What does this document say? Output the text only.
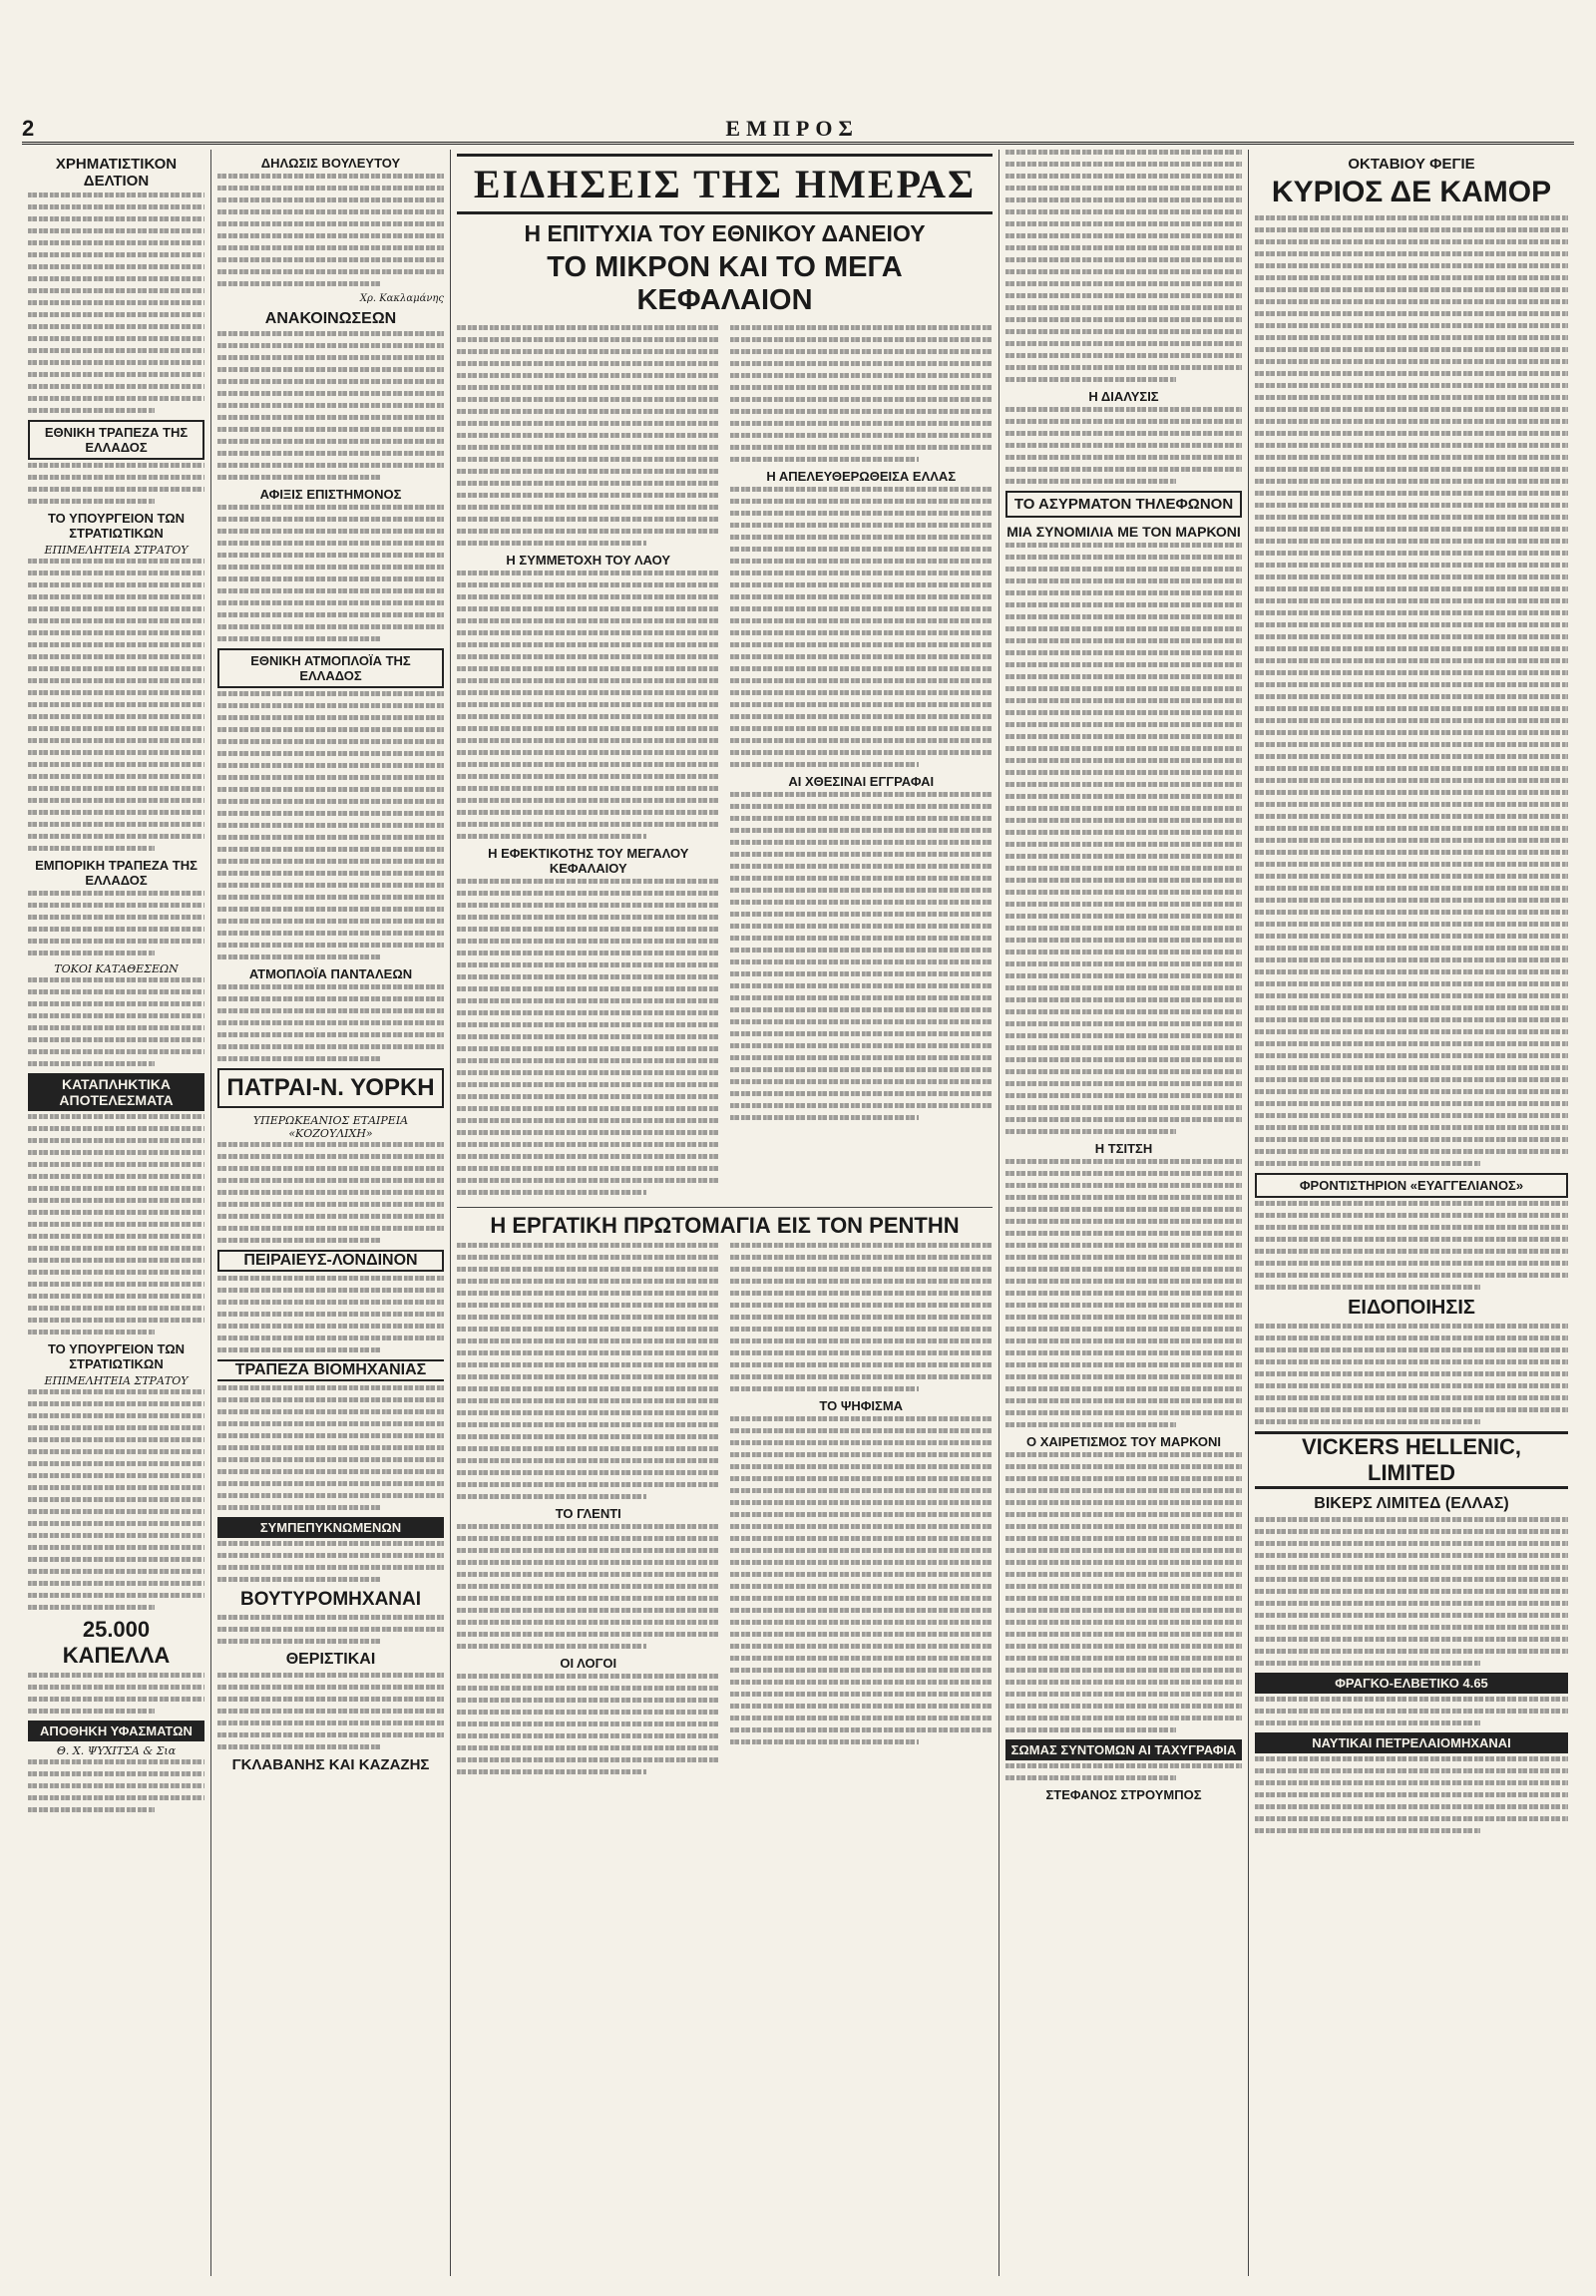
2	ΕΜΠΡΟΣ
ΧΡΗΜΑΤΙΣΤΙΚΟΝ ΔΕΛΤΙΟΝ
ΕΘΝΙΚΗ ΤΡΑΠΕΖΑ ΤΗΣ ΕΛΛΑΔΟΣ
ΤΟ ΥΠΟΥΡΓΕΙΟΝ ΤΩΝ ΣΤΡΑΤΙΩΤΙΚΩΝ
ΕΠΙΜΕΛΗΤΕΙΑ ΣΤΡΑΤΟΥ
ΕΜΠΟΡΙΚΗ ΤΡΑΠΕΖΑ ΤΗΣ ΕΛΛΑΔΟΣ
ΤΟΚΟΙ ΚΑΤΑΘΕΣΕΩΝ
ΚΑΤΑΠΛΗΚΤΙΚΑ ΑΠΟΤΕΛΕΣΜΑΤΑ
ΤΟ ΥΠΟΥΡΓΕΙΟΝ ΤΩΝ ΣΤΡΑΤΙΩΤΙΚΩΝ
ΕΠΙΜΕΛΗΤΕΙΑ ΣΤΡΑΤΟΥ
25.000 ΚΑΠΕΛΛΑ
ΑΠΟΘΗΚΗ ΥΦΑΣΜΑΤΩΝ
Θ. Χ. ΨΥΧΙΤΣΑ & Σια
ΔΗΛΩΣΙΣ ΒΟΥΛΕΥΤΟΥ
Χρ. Κακλαμάνης
ΑΝΑΚΟΙΝΩΣΕΩΝ
ΑΦΙΞΙΣ ΕΠΙΣΤΗΜΟΝΟΣ
ΕΘΝΙΚΗ ΑΤΜΟΠΛΟΪΑ ΤΗΣ ΕΛΛΑΔΟΣ
ΑΤΜΟΠΛΟΪΑ ΠΑΝΤΑΛΕΩΝ
ΠΑΤΡΑΙ-Ν. ΥΟΡΚΗ
ΥΠΕΡΩΚΕΑΝΙΟΣ ΕΤΑΙΡΕΙΑ «ΚΟΖΟΥΛΙΧΗ»
ΠΕΙΡΑΙΕΥΣ-ΛΟΝΔΙΝΟΝ
ΤΡΑΠΕΖΑ ΒΙΟΜΗΧΑΝΙΑΣ
ΣΥΜΠΕΠΥΚΝΩΜΕΝΩΝ
ΒΟΥΤΥΡΟΜΗΧΑΝΑΙ
ΘΕΡΙΣΤΙΚΑΙ
ΓΚΛΑΒΑΝΗΣ ΚΑΙ ΚΑΖΑΖΗΣ
ΕΙΔΗΣΕΙΣ ΤΗΣ ΗΜΕΡΑΣ
Η ΕΠΙΤΥΧΙΑ ΤΟΥ ΕΘΝΙΚΟΥ ΔΑΝΕΙΟΥ
ΤΟ ΜΙΚΡΟΝ ΚΑΙ ΤΟ ΜΕΓΑ ΚΕΦΑΛΑΙΟΝ
Η ΣΥΜΜΕΤΟΧΗ ΤΟΥ ΛΑΟΥ
Η ΕΦΕΚΤΙΚΟΤΗΣ ΤΟΥ ΜΕΓΑΛΟΥ ΚΕΦΑΛΑΙΟΥ
Η ΑΠΕΛΕΥΘΕΡΩΘΕΙΣΑ ΕΛΛΑΣ
ΑΙ ΧΘΕΣΙΝΑΙ ΕΓΓΡΑΦΑΙ
Η ΕΡΓΑΤΙΚΗ ΠΡΩΤΟΜΑΓΙΑ ΕΙΣ ΤΟΝ ΡΕΝΤΗΝ
ΤΟ ΓΛΕΝΤΙ
ΟΙ ΛΟΓΟΙ
ΤΟ ΨΗΦΙΣΜΑ
Η ΔΙΑΛΥΣΙΣ
ΤΟ ΑΣΥΡΜΑΤΟΝ ΤΗΛΕΦΩΝΟΝ
ΜΙΑ ΣΥΝΟΜΙΛΙΑ ΜΕ ΤΟΝ ΜΑΡΚΟΝΙ
Η ΤΣΙΤΣΗ
Ο ΧΑΙΡΕΤΙΣΜΟΣ ΤΟΥ ΜΑΡΚΟΝΙ
ΣΩΜΑΣ ΣΥΝΤΟΜΩΝ ΑΙ ΤΑΧΥΓΡΑΦΙΑ
ΣΤΕΦΑΝΟΣ ΣΤΡΟΥΜΠΟΣ
ΟΚΤΑΒΙΟΥ ΦΕΓΙΕ
ΚΥΡΙΟΣ ΔΕ ΚΑΜΟΡ
ΦΡΟΝΤΙΣΤΗΡΙΟΝ «ΕΥΑΓΓΕΛΙΑΝΟΣ»
ΕΙΔΟΠΟΙΗΣΙΣ
VICKERS HELLENIC, LIMITED
ΒΙΚΕΡΣ ΛΙΜΙΤΕΔ (ΕΛΛΑΣ)
ΦΡΑΓΚΟ-ΕΛΒΕΤΙΚΟ 4.65
ΝΑΥΤΙΚΑΙ ΠΕΤΡΕΛΑΙΟΜΗΧΑΝΑΙ
